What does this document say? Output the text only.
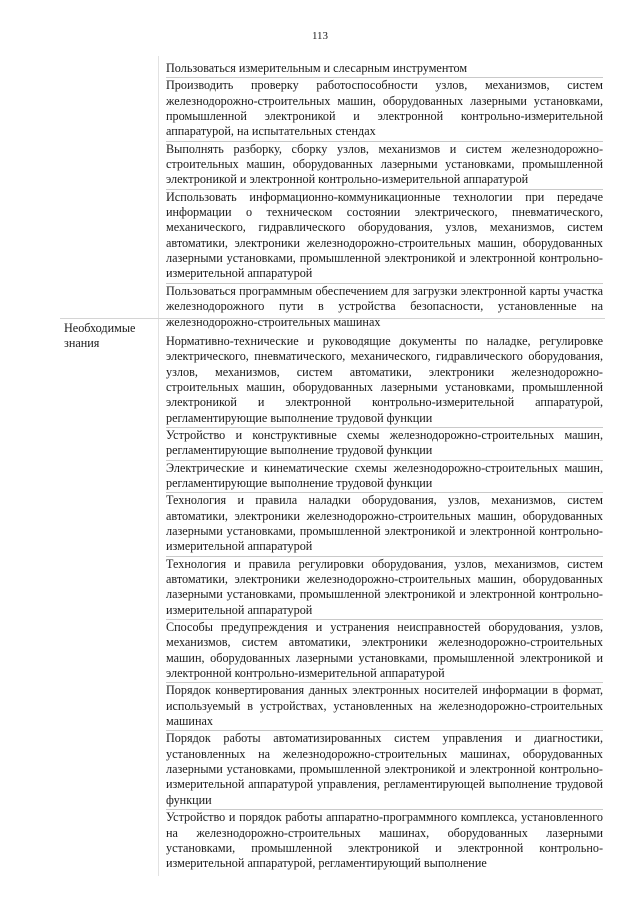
113
Необходимые знания

Пользоваться измерительным и слесарным инструментом

Производить проверку работоспособности узлов, механизмов, систем железнодорожно-строительных машин, оборудованных лазерными установками, промышленной электроникой и электронной контрольно-измерительной аппаратурой, на испытательных стендах

Выполнять разборку, сборку узлов, механизмов и систем железнодорожно-строительных машин, оборудованных лазерными установками, промышленной электроникой и электронной контрольно-измерительной аппаратурой

Использовать информационно-коммуникационные технологии при передаче информации о техническом состоянии электрического, пневматического, механического, гидравлического оборудования, узлов, механизмов, систем автоматики, электроники железнодорожно-строительных машин, оборудованных лазерными установками, промышленной электроникой и электронной контрольно-измерительной аппаратурой

Пользоваться программным обеспечением для загрузки электронной карты участка железнодорожного пути в устройства безопасности, установленные на железнодорожно-строительных машинах

Нормативно-технические и руководящие документы по наладке, регулировке электрического, пневматического, механического, гидравлического оборудования, узлов, механизмов, систем автоматики, электроники железнодорожно-строительных машин, оборудованных лазерными установками, промышленной электроникой и электронной контрольно-измерительной аппаратурой, регламентирующие выполнение трудовой функции

Устройство и конструктивные схемы железнодорожно-строительных машин, регламентирующие выполнение трудовой функции

Электрические и кинематические схемы железнодорожно-строительных машин, регламентирующие выполнение трудовой функции

Технология и правила наладки оборудования, узлов, механизмов, систем автоматики, электроники железнодорожно-строительных машин, оборудованных лазерными установками, промышленной электроникой и электронной контрольно-измерительной аппаратурой

Технология и правила регулировки оборудования, узлов, механизмов, систем автоматики, электроники железнодорожно-строительных машин, оборудованных лазерными установками, промышленной электроникой и электронной контрольно-измерительной аппаратурой

Способы предупреждения и устранения неисправностей оборудования, узлов, механизмов, систем автоматики, электроники железнодорожно-строительных машин, оборудованных лазерными установками, промышленной электроникой и электронной контрольно-измерительной аппаратурой

Порядок конвертирования данных электронных носителей информации в формат, используемый в устройствах, установленных на железнодорожно-строительных машинах

Порядок работы автоматизированных систем управления и диагностики, установленных на железнодорожно-строительных машинах, оборудованных лазерными установками, промышленной электроникой и электронной контрольно-измерительной аппаратурой управления, регламентирующей выполнение трудовой функции

Устройство и порядок работы аппаратно-программного комплекса, установленного на железнодорожно-строительных машинах, оборудованных лазерными установками, промышленной электроникой и электронной контрольно-измерительной аппаратурой, регламентирующий выполнение
